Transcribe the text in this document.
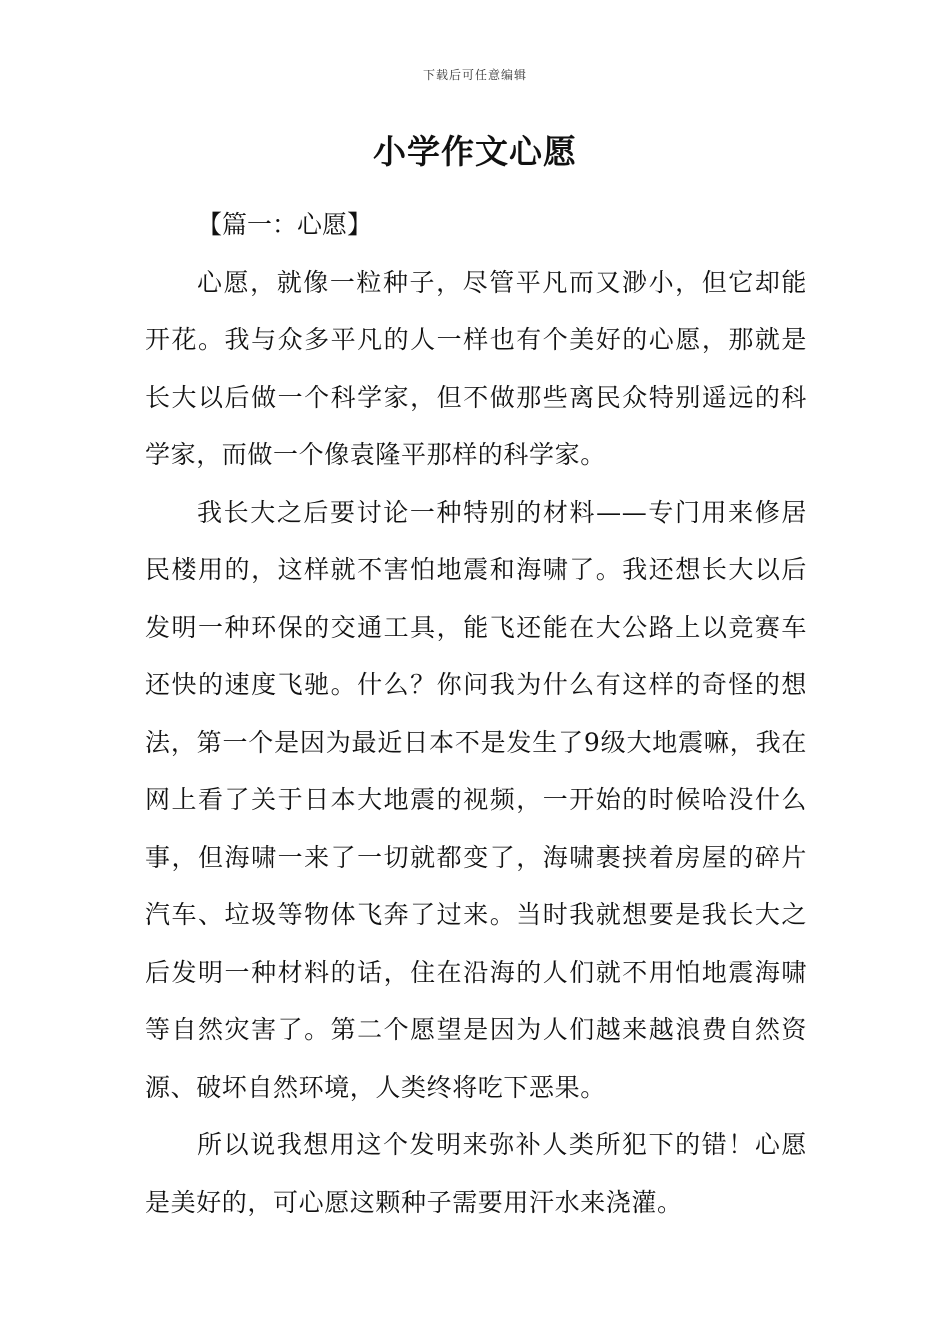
下载后可任意编辑
小学作文心愿

【篇一：心愿】

心愿，就像一粒种子，尽管平凡而又渺小，但它却能开花。我与众多平凡的人一样也有个美好的心愿，那就是长大以后做一个科学家，但不做那些离民众特别遥远的科学家，而做一个像袁隆平那样的科学家。

我长大之后要讨论一种特别的材料——专门用来修居民楼用的，这样就不害怕地震和海啸了。我还想长大以后发明一种环保的交通工具，能飞还能在大公路上以竞赛车还快的速度飞驰。什么？你问我为什么有这样的奇怪的想法，第一个是因为最近日本不是发生了9级大地震嘛，我在网上看了关于日本大地震的视频，一开始的时候哈没什么事，但海啸一来了一切就都变了，海啸裹挟着房屋的碎片汽车、垃圾等物体飞奔了过来。当时我就想要是我长大之后发明一种材料的话，住在沿海的人们就不用怕地震海啸等自然灾害了。第二个愿望是因为人们越来越浪费自然资源、破坏自然环境，人类终将吃下恶果。

所以说我想用这个发明来弥补人类所犯下的错！心愿是美好的，可心愿这颗种子需要用汗水来浇灌。
